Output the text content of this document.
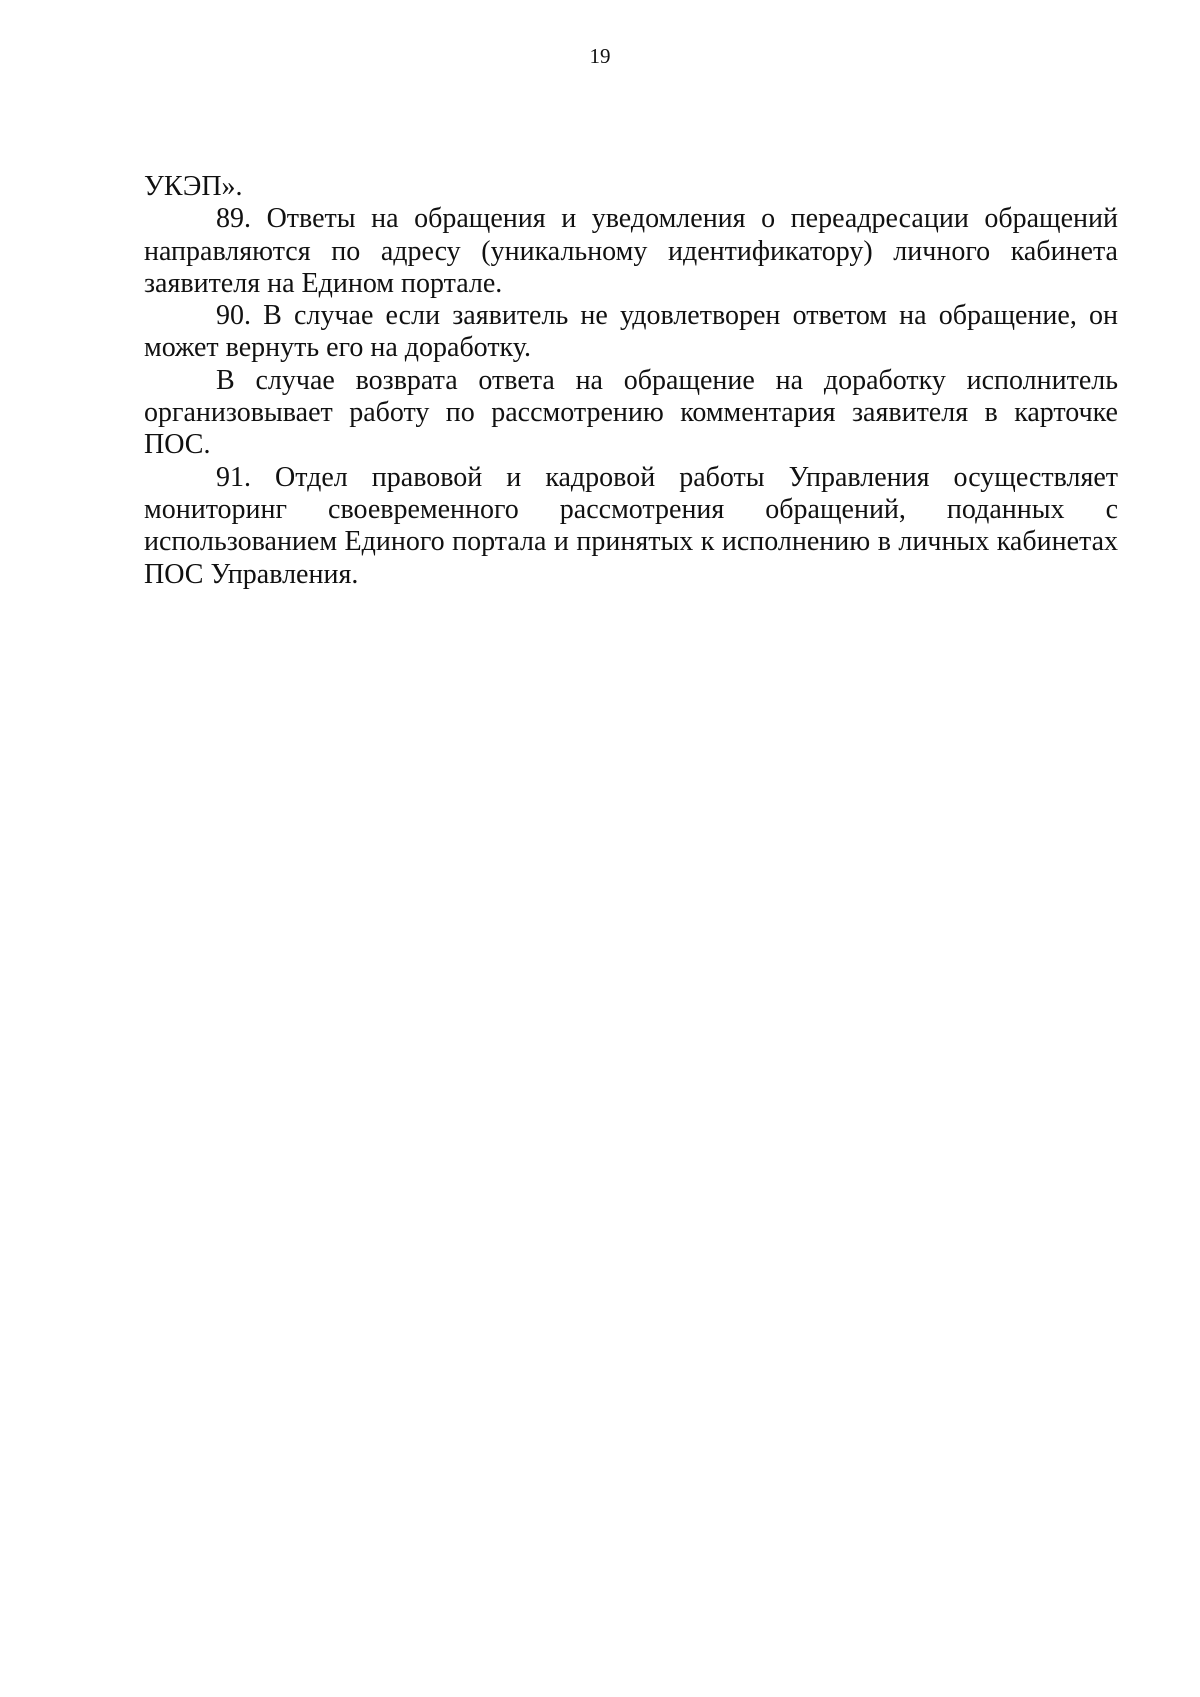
19

УКЭП».

89. Ответы на обращения и уведомления о переадресации обращений направляются по адресу (уникальному идентификатору) личного кабинета заявителя на Едином портале.

90. В случае если заявитель не удовлетворен ответом на обращение, он может вернуть его на доработку.

В случае возврата ответа на обращение на доработку исполнитель организовывает работу по рассмотрению комментария заявителя в карточке ПОС.

91. Отдел правовой и кадровой работы Управления осуществляет мониторинг своевременного рассмотрения обращений, поданных с использованием Единого портала и принятых к исполнению в личных кабинетах ПОС Управления.
